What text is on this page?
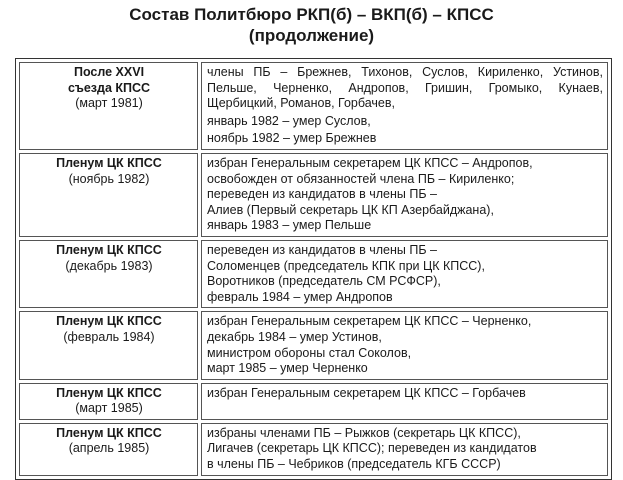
Состав Политбюро РКП(б) – ВКП(б) – КПСС
(продолжение)
После XXVI
съезда КПСС
(март 1981)	члены ПБ – Брежнев, Тихонов, Суслов, Кириленко, Устинов,
Пельше, Черненко, Андропов, Гришин, Громыко, Кунаев,
Щербицкий, Романов, Горбачев,
январь 1982 – умер Суслов,
ноябрь 1982 – умер Брежнев

Пленум ЦК КПСС
(ноябрь 1982)	избран Генеральным секретарем ЦК КПСС – Андропов,
освобожден от обязанностей члена ПБ – Кириленко;
переведен из кандидатов в члены ПБ –
Алиев (Первый секретарь ЦК КП Азербайджана),
январь 1983 – умер Пельше

Пленум ЦК КПСС
(декабрь 1983)	переведен из кандидатов в члены ПБ –
Соломенцев (председатель КПК при ЦК КПСС),
Воротников (председатель СМ РСФСР),
февраль 1984 – умер Андропов

Пленум ЦК КПСС
(февраль 1984)	избран Генеральным секретарем ЦК КПСС – Черненко,
декабрь 1984 – умер Устинов,
министром обороны стал Соколов,
март 1985 – умер Черненко

Пленум ЦК КПСС
(март 1985)	избран Генеральным секретарем ЦК КПСС – Горбачев

Пленум ЦК КПСС
(апрель 1985)	избраны членами ПБ – Рыжков (секретарь ЦК КПСС),
Лигачев (секретарь ЦК КПСС); переведен из кандидатов
в члены ПБ – Чебриков (председатель КГБ СССР)
